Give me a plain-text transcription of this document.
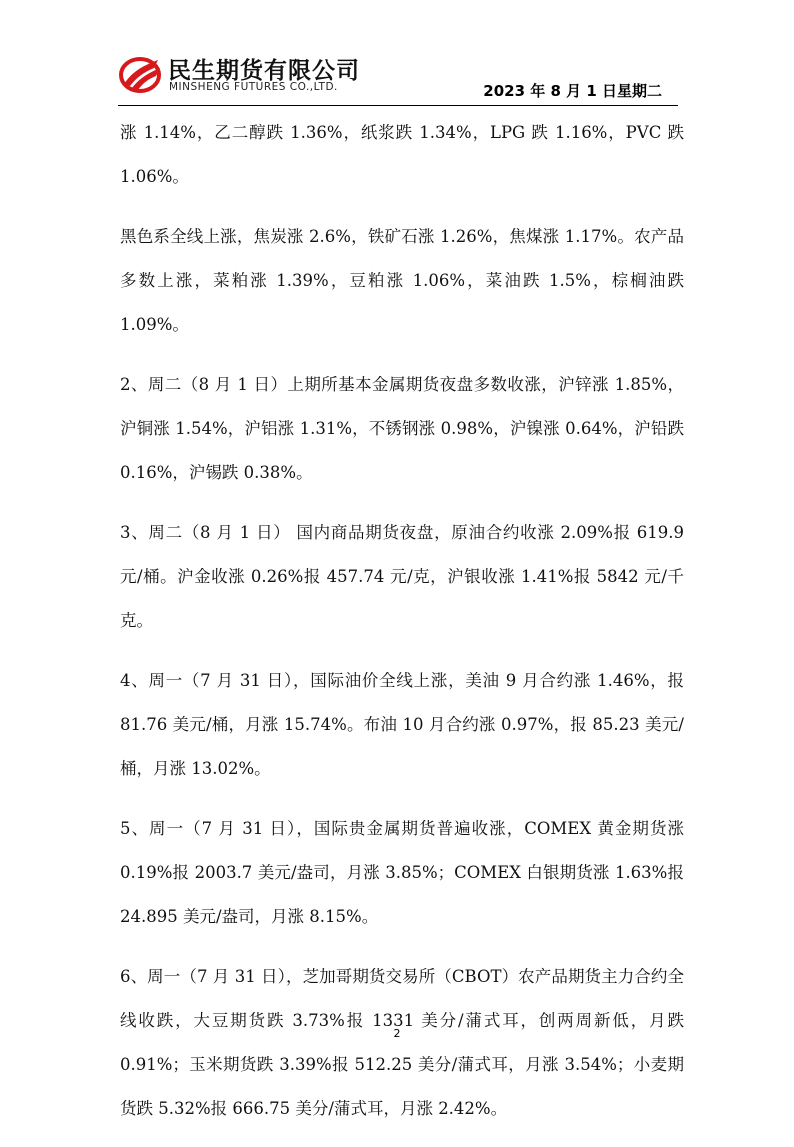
民生期货有限公司
MINSHENG FUTURES CO.,LTD.	2023 年 8 月 1 日星期二

涨 1.14%，乙二醇跌 1.36%，纸浆跌 1.34%，LPG 跌 1.16%，PVC 跌 1.06%。

黑色系全线上涨，焦炭涨 2.6%，铁矿石涨 1.26%，焦煤涨 1.17%。农产品多数上涨，菜粕涨 1.39%，豆粕涨 1.06%，菜油跌 1.5%，棕榈油跌 1.09%。

2、周二（8 月 1 日）上期所基本金属期货夜盘多数收涨，沪锌涨 1.85%，沪铜涨 1.54%，沪铝涨 1.31%，不锈钢涨 0.98%，沪镍涨 0.64%，沪铅跌 0.16%，沪锡跌 0.38%。

3、周二（8 月 1 日） 国内商品期货夜盘，原油合约收涨 2.09%报 619.9 元/桶。沪金收涨 0.26%报 457.74 元/克，沪银收涨 1.41%报 5842 元/千克。

4、周一（7 月 31 日），国际油价全线上涨，美油 9 月合约涨 1.46%，报 81.76 美元/桶，月涨 15.74%。布油 10 月合约涨 0.97%，报 85.23 美元/桶，月涨 13.02%。

5、周一（7 月 31 日），国际贵金属期货普遍收涨，COMEX 黄金期货涨 0.19%报 2003.7 美元/盎司，月涨 3.85%；COMEX 白银期货涨 1.63%报 24.895 美元/盎司，月涨 8.15%。

6、周一（7 月 31 日），芝加哥期货交易所（CBOT）农产品期货主力合约全线收跌，大豆期货跌 3.73%报 1331 美分/蒲式耳，创两周新低，月跌 0.91%；玉米期货跌 3.39%报 512.25 美分/蒲式耳，月涨 3.54%；小麦期货跌 5.32%报 666.75 美分/蒲式耳，月涨 2.42%。

2
